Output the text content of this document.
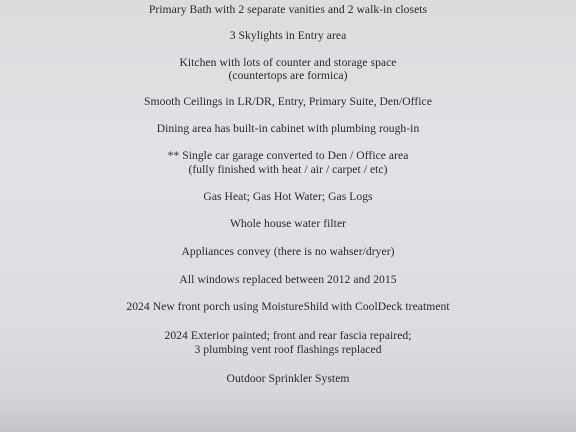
Primary Bath with 2 separate vanities and 2 walk-in closets
3 Skylights in Entry area
Kitchen with lots of counter and storage space
(countertops are formica)
Smooth Ceilings in LR/DR, Entry, Primary Suite, Den/Office
Dining area has built-in cabinet with plumbing rough-in
** Single car garage converted to Den / Office area
(fully finished with heat / air / carpet / etc)
Gas Heat; Gas Hot Water; Gas Logs
Whole house water filter
Appliances convey (there is no wahser/dryer)
All windows replaced between 2012 and 2015
2024 New front porch using MoistureShild with CoolDeck treatment
2024 Exterior painted; front and rear fascia repaired;
3 plumbing vent roof flashings replaced
Outdoor Sprinkler System
